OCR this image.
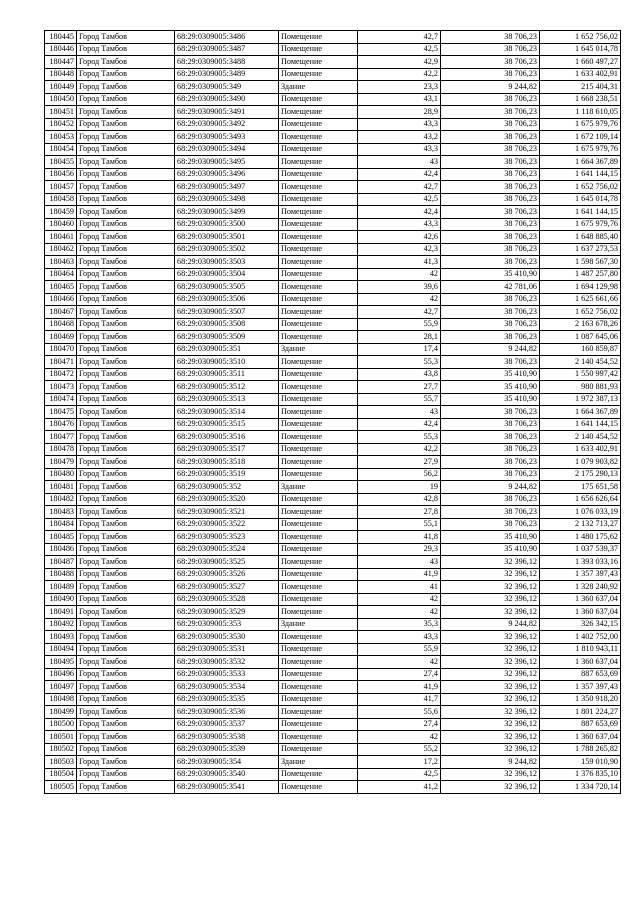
180445	Город Тамбов	68:29:0309005:3486	Помещение	42,7	38 706,23	1 652 756,02
180446	Город Тамбов	68:29:0309005:3487	Помещение	42,5	38 706,23	1 645 014,78
180447	Город Тамбов	68:29:0309005:3488	Помещение	42,9	38 706,23	1 660 497,27
180448	Город Тамбов	68:29:0309005:3489	Помещение	42,2	38 706,23	1 633 402,91
180449	Город Тамбов	68:29:0309005:349	Здание	23,3	9 244,82	215 404,31
180450	Город Тамбов	68:29:0309005:3490	Помещение	43,1	38 706,23	1 668 238,51
180451	Город Тамбов	68:29:0309005:3491	Помещение	28,9	38 706,23	1 118 610,05
180452	Город Тамбов	68:29:0309005:3492	Помещение	43,3	38 706,23	1 675 979,76
180453	Город Тамбов	68:29:0309005:3493	Помещение	43,2	38 706,23	1 672 109,14
180454	Город Тамбов	68:29:0309005:3494	Помещение	43,3	38 706,23	1 675 979,76
180455	Город Тамбов	68:29:0309005:3495	Помещение	43	38 706,23	1 664 367,89
180456	Город Тамбов	68:29:0309005:3496	Помещение	42,4	38 706,23	1 641 144,15
180457	Город Тамбов	68:29:0309005:3497	Помещение	42,7	38 706,23	1 652 756,02
180458	Город Тамбов	68:29:0309005:3498	Помещение	42,5	38 706,23	1 645 014,78
180459	Город Тамбов	68:29:0309005:3499	Помещение	42,4	38 706,23	1 641 144,15
180460	Город Тамбов	68:29:0309005:3500	Помещение	43,3	38 706,23	1 675 979,76
180461	Город Тамбов	68:29:0309005:3501	Помещение	42,6	38 706,23	1 648 885,40
180462	Город Тамбов	68:29:0309005:3502	Помещение	42,3	38 706,23	1 637 273,53
180463	Город Тамбов	68:29:0309005:3503	Помещение	41,3	38 706,23	1 598 567,30
180464	Город Тамбов	68:29:0309005:3504	Помещение	42	35 410,90	1 487 257,80
180465	Город Тамбов	68:29:0309005:3505	Помещение	39,6	42 781,06	1 694 129,98
180466	Город Тамбов	68:29:0309005:3506	Помещение	42	38 706,23	1 625 661,66
180467	Город Тамбов	68:29:0309005:3507	Помещение	42,7	38 706,23	1 652 756,02
180468	Город Тамбов	68:29:0309005:3508	Помещение	55,9	38 706,23	2 163 678,26
180469	Город Тамбов	68:29:0309005:3509	Помещение	28,1	38 706,23	1 087 645,06
180470	Город Тамбов	68:29:0309005:351	Здание	17,4	9 244,82	160 859,87
180471	Город Тамбов	68:29:0309005:3510	Помещение	55,3	38 706,23	2 140 454,52
180472	Город Тамбов	68:29:0309005:3511	Помещение	43,8	35 410,90	1 550 997,42
180473	Город Тамбов	68:29:0309005:3512	Помещение	27,7	35 410,90	980 881,93
180474	Город Тамбов	68:29:0309005:3513	Помещение	55,7	35 410,90	1 972 387,13
180475	Город Тамбов	68:29:0309005:3514	Помещение	43	38 706,23	1 664 367,89
180476	Город Тамбов	68:29:0309005:3515	Помещение	42,4	38 706,23	1 641 144,15
180477	Город Тамбов	68:29:0309005:3516	Помещение	55,3	38 706,23	2 140 454,52
180478	Город Тамбов	68:29:0309005:3517	Помещение	42,2	38 706,23	1 633 402,91
180479	Город Тамбов	68:29:0309005:3518	Помещение	27,9	38 706,23	1 079 903,82
180480	Город Тамбов	68:29:0309005:3519	Помещение	56,2	38 706,23	2 175 290,13
180481	Город Тамбов	68:29:0309005:352	Здание	19	9 244,82	175 651,58
180482	Город Тамбов	68:29:0309005:3520	Помещение	42,8	38 706,23	1 656 626,64
180483	Город Тамбов	68:29:0309005:3521	Помещение	27,8	38 706,23	1 076 033,19
180484	Город Тамбов	68:29:0309005:3522	Помещение	55,1	38 706,23	2 132 713,27
180485	Город Тамбов	68:29:0309005:3523	Помещение	41,8	35 410,90	1 480 175,62
180486	Город Тамбов	68:29:0309005:3524	Помещение	29,3	35 410,90	1 037 539,37
180487	Город Тамбов	68:29:0309005:3525	Помещение	43	32 396,12	1 393 033,16
180488	Город Тамбов	68:29:0309005:3526	Помещение	41,9	32 396,12	1 357 397,43
180489	Город Тамбов	68:29:0309005:3527	Помещение	41	32 396,12	1 328 240,92
180490	Город Тамбов	68:29:0309005:3528	Помещение	42	32 396,12	1 360 637,04
180491	Город Тамбов	68:29:0309005:3529	Помещение	42	32 396,12	1 360 637,04
180492	Город Тамбов	68:29:0309005:353	Здание	35,3	9 244,82	326 342,15
180493	Город Тамбов	68:29:0309005:3530	Помещение	43,3	32 396,12	1 402 752,00
180494	Город Тамбов	68:29:0309005:3531	Помещение	55,9	32 396,12	1 810 943,11
180495	Город Тамбов	68:29:0309005:3532	Помещение	42	32 396,12	1 360 637,04
180496	Город Тамбов	68:29:0309005:3533	Помещение	27,4	32 396,12	887 653,69
180497	Город Тамбов	68:29:0309005:3534	Помещение	41,9	32 396,12	1 357 397,43
180498	Город Тамбов	68:29:0309005:3535	Помещение	41,7	32 396,12	1 350 918,20
180499	Город Тамбов	68:29:0309005:3536	Помещение	55,6	32 396,12	1 801 224,27
180500	Город Тамбов	68:29:0309005:3537	Помещение	27,4	32 396,12	887 653,69
180501	Город Тамбов	68:29:0309005:3538	Помещение	42	32 396,12	1 360 637,04
180502	Город Тамбов	68:29:0309005:3539	Помещение	55,2	32 396,12	1 788 265,82
180503	Город Тамбов	68:29:0309005:354	Здание	17,2	9 244,82	159 010,90
180504	Город Тамбов	68:29:0309005:3540	Помещение	42,5	32 396,12	1 376 835,10
180505	Город Тамбов	68:29:0309005:3541	Помещение	41,2	32 396,12	1 334 720,14
